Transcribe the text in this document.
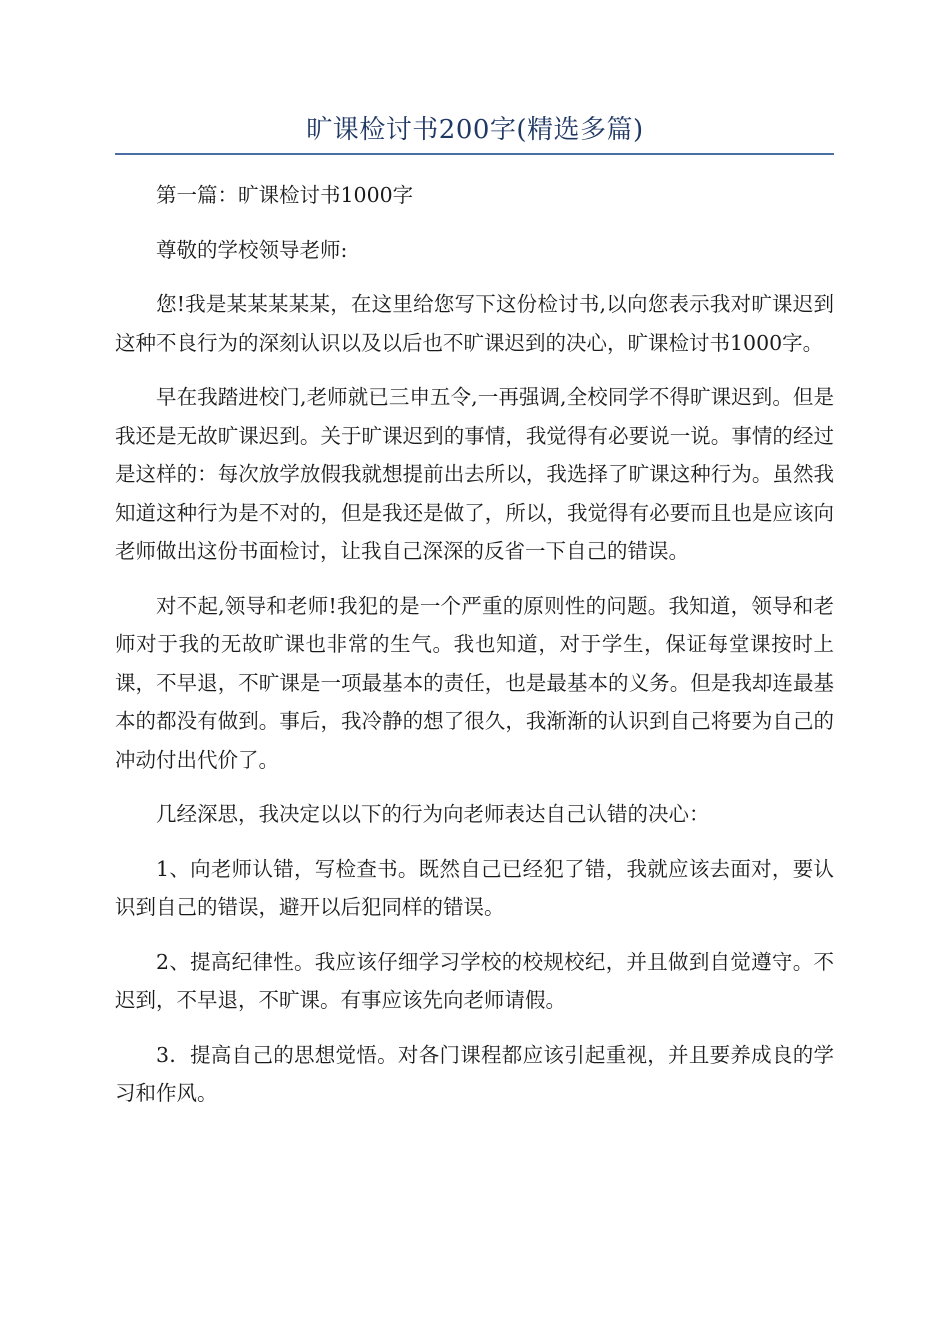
旷课检讨书200字(精选多篇)

第一篇：旷课检讨书1000字

尊敬的学校领导老师:

您!我是某某某某某，在这里给您写下这份检讨书,以向您表示我对旷课迟到这种不良行为的深刻认识以及以后也不旷课迟到的决心，旷课检讨书1000字。

早在我踏进校门,老师就已三申五令,一再强调,全校同学不得旷课迟到。但是我还是无故旷课迟到。关于旷课迟到的事情，我觉得有必要说一说。事情的经过是这样的：每次放学放假我就想提前出去所以，我选择了旷课这种行为。虽然我知道这种行为是不对的，但是我还是做了，所以，我觉得有必要而且也是应该向老师做出这份书面检讨，让我自己深深的反省一下自己的错误。

对不起,领导和老师!我犯的是一个严重的原则性的问题。我知道，领导和老师对于我的无故旷课也非常的生气。我也知道，对于学生，保证每堂课按时上课，不早退，不旷课是一项最基本的责任，也是最基本的义务。但是我却连最基本的都没有做到。事后，我冷静的想了很久，我渐渐的认识到自己将要为自己的冲动付出代价了。

几经深思，我决定以以下的行为向老师表达自己认错的决心：

1、向老师认错，写检查书。既然自己已经犯了错，我就应该去面对，要认识到自己的错误，避开以后犯同样的错误。

2、提高纪律性。我应该仔细学习学校的校规校纪，并且做到自觉遵守。不迟到，不早退，不旷课。有事应该先向老师请假。

3．提高自己的思想觉悟。对各门课程都应该引起重视，并且要养成良的学习和作风。
